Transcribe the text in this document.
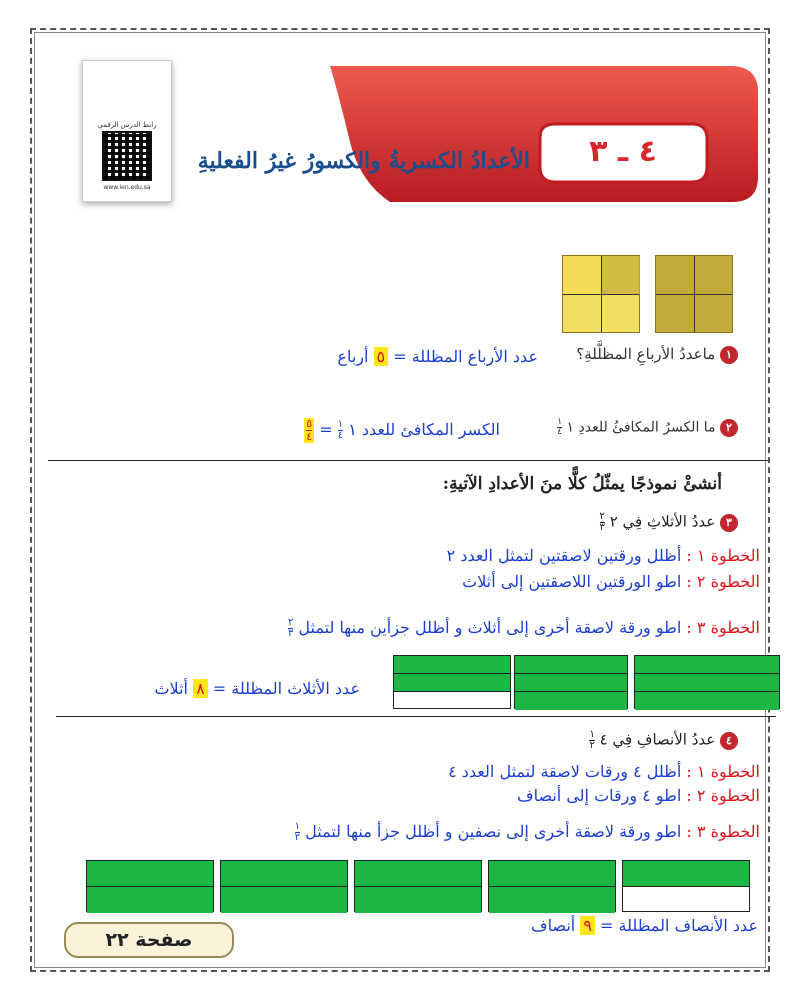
رابط الدرس الرقمي
www.ien.edu.sa
٤ ـ ٣
الأعدادُ الكسريةُ والكسورُ غيرُ الفعليةِ
١ ماعددُ الأرباعِ المظلَّلةِ؟
عدد الأرباع المظللة = ٥ أرباع
٢ ما الكسرُ المكافئُ للعددِ ١
١
٤
الكسر المكافئ للعدد ١
١
٤
=
٥
٤
أنشئْ نموذجًا يمثّلُ كلًّا منَ الأعدادِ الآتيةِ:
٣ عددُ الأثلاثِ فِي ٢
٢
٣
الخطوة ١ : أظلل ورقتين لاصقتين لتمثل العدد ٢
الخطوة ٢ : اطو الورقتين اللاصقتين إلى أثلاث
الخطوة ٣ : اطو ورقة لاصقة أخرى إلى أثلاث و أظلل جزأين منها لتمثل
٢
٣
عدد الأثلاث المظللة = ٨ أثلاث
٤ عددُ الأنصافِ فِي ٤
١
٢
الخطوة ١ : أظلل ٤ ورقات لاصقة لتمثل العدد ٤
الخطوة ٢ : اطو ٤ ورقات إلى أنصاف
الخطوة ٣ : اطو ورقة لاصقة أخرى إلى نصفين و أظلل جزأ منها لتمثل
١
٢
عدد الأنصاف المظللة = ٩ أنصاف
صفحة ٢٢
